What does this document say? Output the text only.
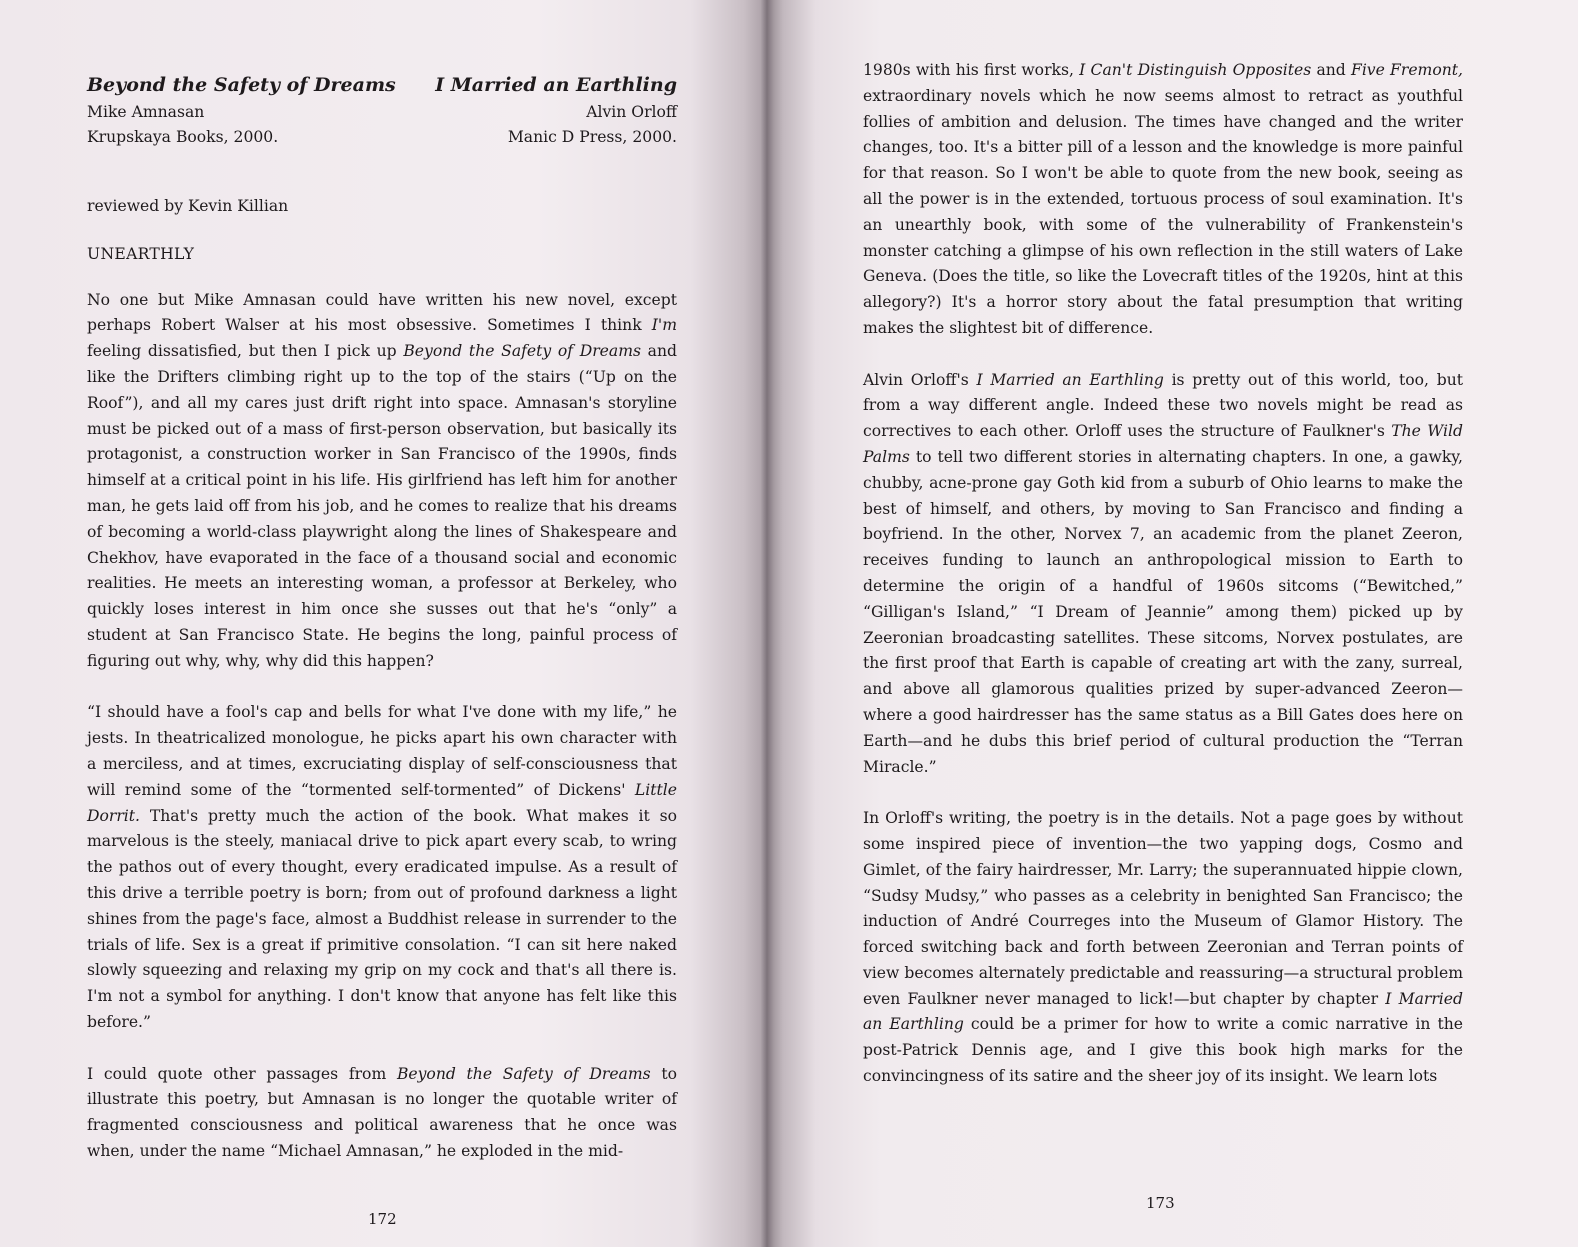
Beyond the Safety of Dreams I Married an Earthling
Mike Amnasan	Alvin Orloff
Krupskaya Books, 2000.	Manic D Press, 2000.

reviewed by Kevin Killian

UNEARTHLY

No one but Mike Amnasan could have written his new novel, except perhaps Robert Walser at his most obsessive. Sometimes I think I'm feeling dissatisfied, but then I pick up Beyond the Safety of Dreams and like the Drifters climbing right up to the top of the stairs (“Up on the Roof”), and all my cares just drift right into space. Amnasan's storyline must be picked out of a mass of first-person observation, but basically its protagonist, a construction worker in San Francisco of the 1990s, finds himself at a critical point in his life. His girlfriend has left him for another man, he gets laid off from his job, and he comes to realize that his dreams of becoming a world-class playwright along the lines of Shakespeare and Chekhov, have evaporated in the face of a thousand social and economic realities. He meets an interesting woman, a professor at Berkeley, who quickly loses interest in him once she susses out that he's “only” a student at San Francisco State. He begins the long, painful process of figuring out why, why, why did this happen?

“I should have a fool's cap and bells for what I've done with my life,” he jests. In theatricalized monologue, he picks apart his own character with a merciless, and at times, excruciating display of self-consciousness that will remind some of the “tormented self-tormented” of Dickens' Little Dorrit. That's pretty much the action of the book. What makes it so marvelous is the steely, maniacal drive to pick apart every scab, to wring the pathos out of every thought, every eradicated impulse. As a result of this drive a terrible poetry is born; from out of profound darkness a light shines from the page's face, almost a Buddhist release in surrender to the trials of life. Sex is a great if primitive consolation. “I can sit here naked slowly squeezing and relaxing my grip on my cock and that's all there is. I'm not a symbol for anything. I don't know that anyone has felt like this before.”

I could quote other passages from Beyond the Safety of Dreams to illustrate this poetry, but Amnasan is no longer the quotable writer of fragmented consciousness and political awareness that he once was when, under the name “Michael Amnasan,” he exploded in the mid-

172

1980s with his first works, I Can't Distinguish Opposites and Five Fremont, extraordinary novels which he now seems almost to retract as youthful follies of ambition and delusion. The times have changed and the writer changes, too. It's a bitter pill of a lesson and the knowledge is more painful for that reason. So I won't be able to quote from the new book, seeing as all the power is in the extended, tortuous process of soul examination. It's an unearthly book, with some of the vulnerability of Frankenstein's monster catching a glimpse of his own reflection in the still waters of Lake Geneva. (Does the title, so like the Lovecraft titles of the 1920s, hint at this allegory?) It's a horror story about the fatal presumption that writing makes the slightest bit of difference.

Alvin Orloff's I Married an Earthling is pretty out of this world, too, but from a way different angle. Indeed these two novels might be read as correctives to each other. Orloff uses the structure of Faulkner's The Wild Palms to tell two different stories in alternating chapters. In one, a gawky, chubby, acne-prone gay Goth kid from a suburb of Ohio learns to make the best of himself, and others, by moving to San Francisco and finding a boyfriend. In the other, Norvex 7, an academic from the planet Zeeron, receives funding to launch an anthropological mission to Earth to determine the origin of a handful of 1960s sitcoms (“Bewitched,” “Gilligan's Island,” “I Dream of Jeannie” among them) picked up by Zeeronian broadcasting satellites. These sitcoms, Norvex postulates, are the first proof that Earth is capable of creating art with the zany, surreal, and above all glamorous qualities prized by super-advanced Zeeron—where a good hairdresser has the same status as a Bill Gates does here on Earth—and he dubs this brief period of cultural production the “Terran Miracle.”

In Orloff's writing, the poetry is in the details. Not a page goes by without some inspired piece of invention—the two yapping dogs, Cosmo and Gimlet, of the fairy hairdresser, Mr. Larry; the superannuated hippie clown, “Sudsy Mudsy,” who passes as a celebrity in benighted San Francisco; the induction of André Courreges into the Museum of Glamor History. The forced switching back and forth between Zeeronian and Terran points of view becomes alternately predictable and reassuring—a structural problem even Faulkner never managed to lick!—but chapter by chapter I Married an Earthling could be a primer for how to write a comic narrative in the post-Patrick Dennis age, and I give this book high marks for the convincingness of its satire and the sheer joy of its insight. We learn lots

173
